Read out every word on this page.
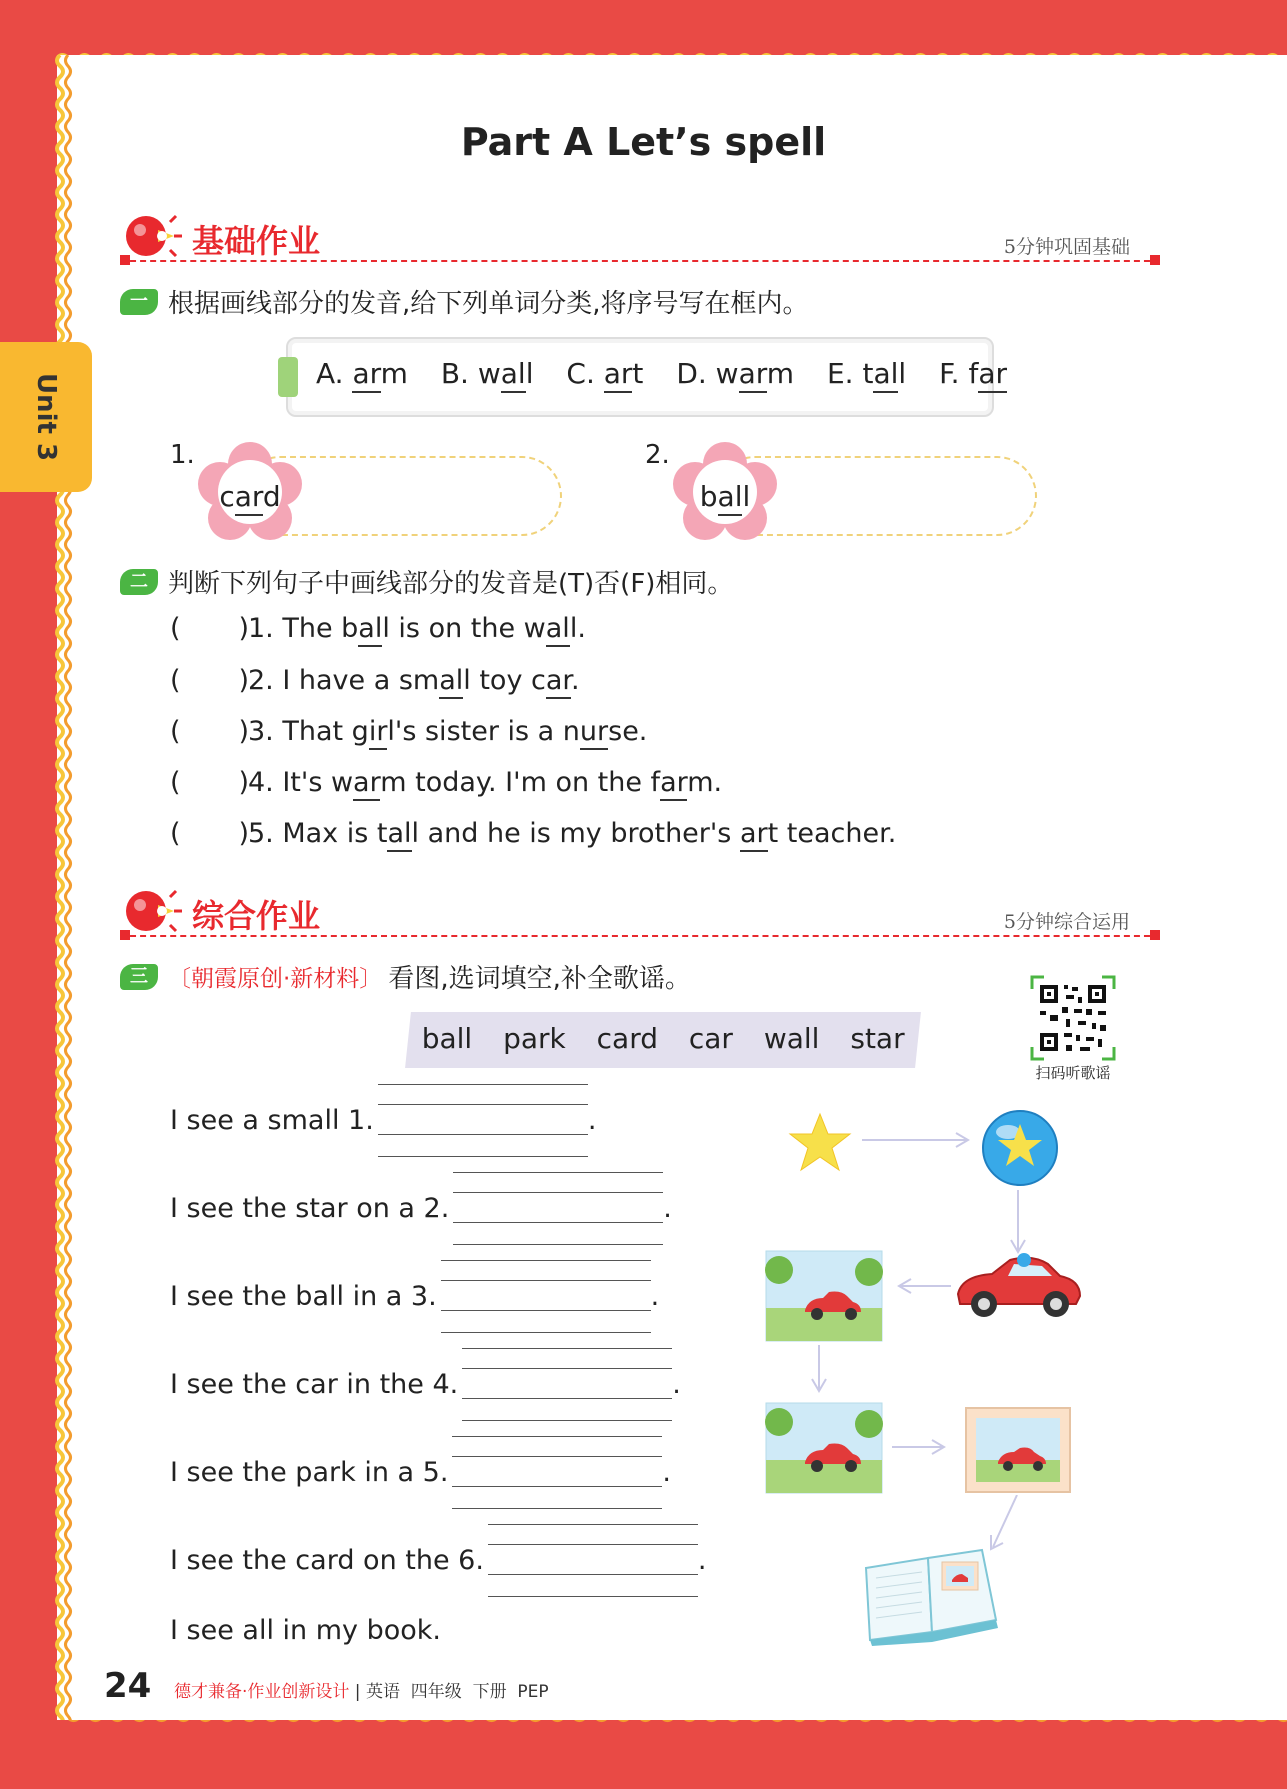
Unit 3
Part A Let’s spell
基础作业	5分钟巩固基础
一 根据画线部分的发音,给下列单词分类,将序号写在框内。
A. arm B. wall C. art D. warm E. tall F. far
1.
card
2.
ball
二 判断下列句子中画线部分的发音是(T)否(F)相同。
( )1. The ball is on the wall.
( )2. I have a small toy car.
( )3. That girl's sister is a nurse.
( )4. It's warm today. I'm on the farm.
( )5. Max is tall and he is my brother's art teacher.
综合作业	5分钟综合运用
三 〔朝霞原创·新材料〕 看图,选词填空,补全歌谣。
ball park card car wall star
扫码听歌谣
I see a small 1.	.
I see the star on a 2.	.
I see the ball in a 3.	.
I see the car in the 4.	.
I see the park in a 5.	.
I see the card on the 6.	.
I see all in my book.
24 德才兼备·作业创新设计 | 英语 四年级 下册 PEP
